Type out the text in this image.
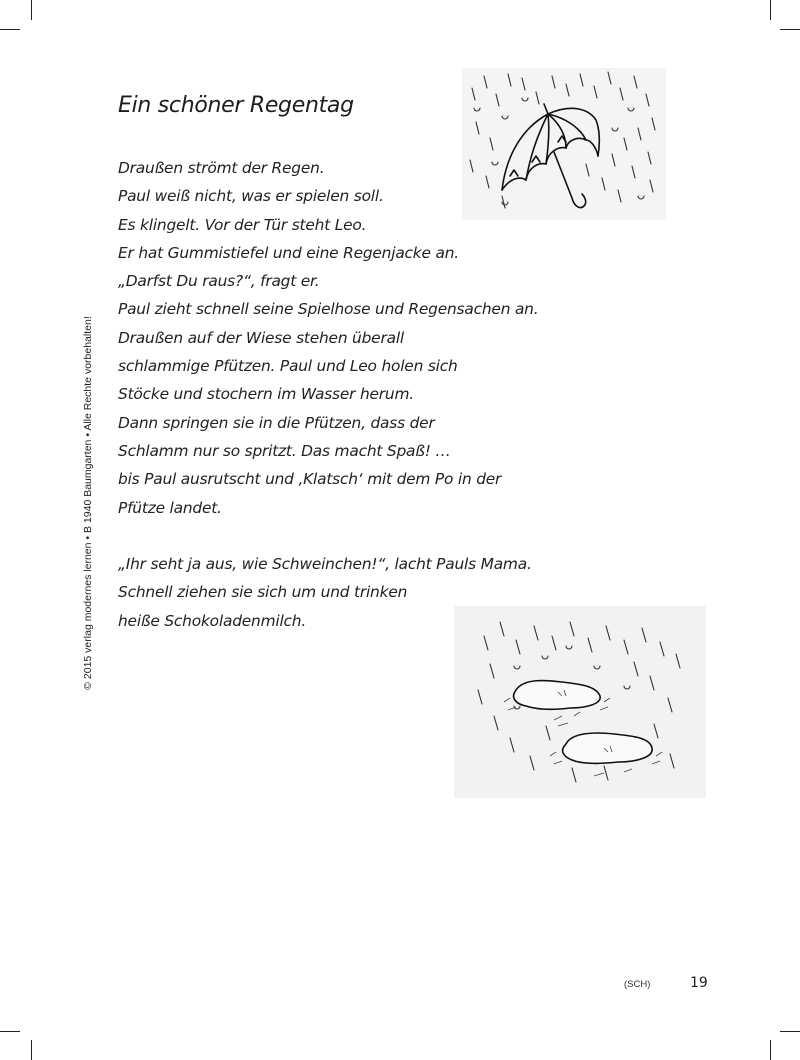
Ein schöner Regentag
Draußen strömt der Regen.
Paul weiß nicht, was er spielen soll.
Es klingelt. Vor der Tür steht Leo.
Er hat Gummistiefel und eine Regenjacke an.
„Darfst Du raus?“, fragt er.
Paul zieht schnell seine Spielhose und Regensachen an.
Draußen auf der Wiese stehen überall
schlammige Pfützen. Paul und Leo holen sich
Stöcke und stochern im Wasser herum.
Dann springen sie in die Pfützen, dass der
Schlamm nur so spritzt. Das macht Spaß! …
bis Paul ausrutscht und ‚Klatsch‘ mit dem Po in der
Pfütze landet.
„Ihr seht ja aus, wie Schweinchen!“, lacht Pauls Mama.
Schnell ziehen sie sich um und trinken
heiße Schokoladenmilch.
© 2015 verlag modernes lernen • B 1940 Baumgarten • Alle Rechte vorbehalten!
(SCH)	19
